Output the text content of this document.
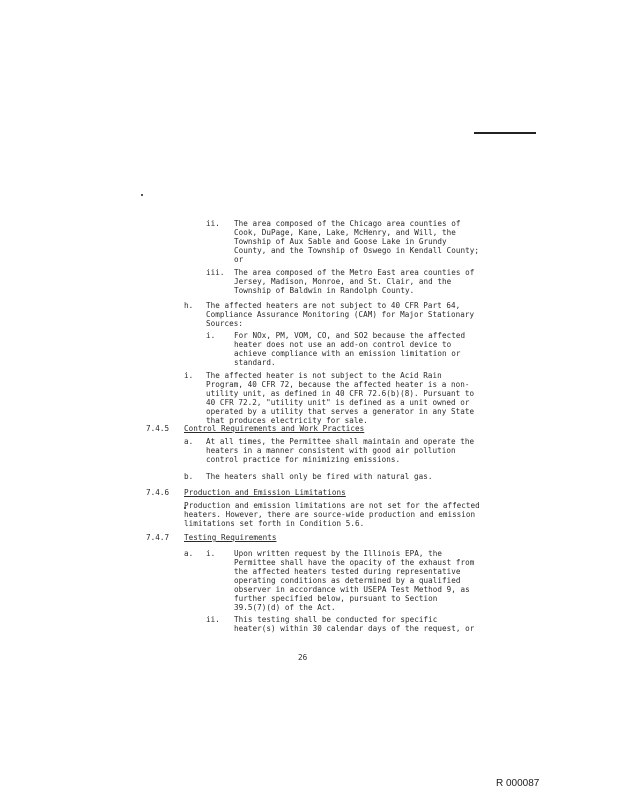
ii. The area composed of the Chicago area counties of
Cook, DuPage, Kane, Lake, McHenry, and Will, the
Township of Aux Sable and Goose Lake in Grundy
County, and the Township of Oswego in Kendall County;
or
iii. The area composed of the Metro East area counties of
Jersey, Madison, Monroe, and St. Clair, and the
Township of Baldwin in Randolph County.
h. The affected heaters are not subject to 40 CFR Part 64,
Compliance Assurance Monitoring (CAM) for Major Stationary
Sources:
i. For NOx, PM, VOM, CO, and SO2 because the affected
heater does not use an add-on control device to
achieve compliance with an emission limitation or
standard.
i. The affected heater is not subject to the Acid Rain
Program, 40 CFR 72, because the affected heater is a non-
utility unit, as defined in 40 CFR 72.6(b)(8). Pursuant to
40 CFR 72.2, "utility unit" is defined as a unit owned or
operated by a utility that serves a generator in any State
that produces electricity for sale.
7.4.5 Control Requirements and Work Practices
a. At all times, the Permittee shall maintain and operate the
heaters in a manner consistent with good air pollution
control practice for minimizing emissions.
b. The heaters shall only be fired with natural gas.
7.4.6 Production and Emission Limitations
Production and emission limitations are not set for the affected
heaters. However, there are source-wide production and emission
limitations set forth in Condition 5.6.
7.4.7 Testing Requirements
a. i. Upon written request by the Illinois EPA, the
Permittee shall have the opacity of the exhaust from
the affected heaters tested during representative
operating conditions as determined by a qualified
observer in accordance with USEPA Test Method 9, as
further specified below, pursuant to Section
39.5(7)(d) of the Act.
ii. This testing shall be conducted for specific
heater(s) within 30 calendar days of the request, or
26
R 000087
